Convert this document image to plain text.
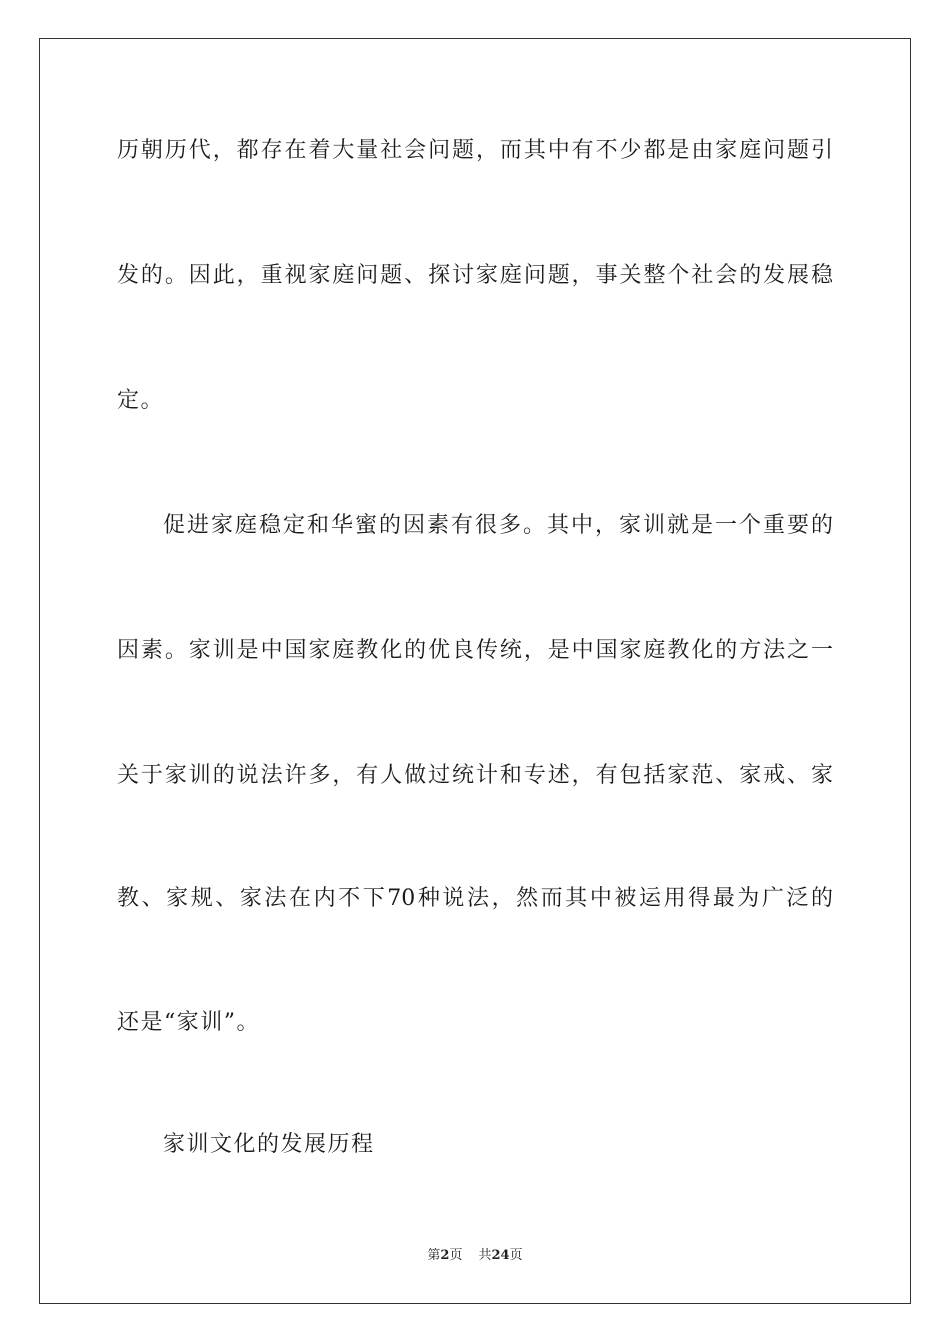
历朝历代，都存在着大量社会问题，而其中有不少都是由家庭问题引
发的。因此，重视家庭问题、探讨家庭问题，事关整个社会的发展稳
定。
促进家庭稳定和华蜜的因素有很多。其中，家训就是一个重要的
因素。家训是中国家庭教化的优良传统，是中国家庭教化的方法之一
关于家训的说法许多，有人做过统计和专述，有包括家范、家戒、家
教、家规、家法在内不下70种说法，然而其中被运用得最为广泛的
还是“家训”。
家训文化的发展历程
第2页 共24页
